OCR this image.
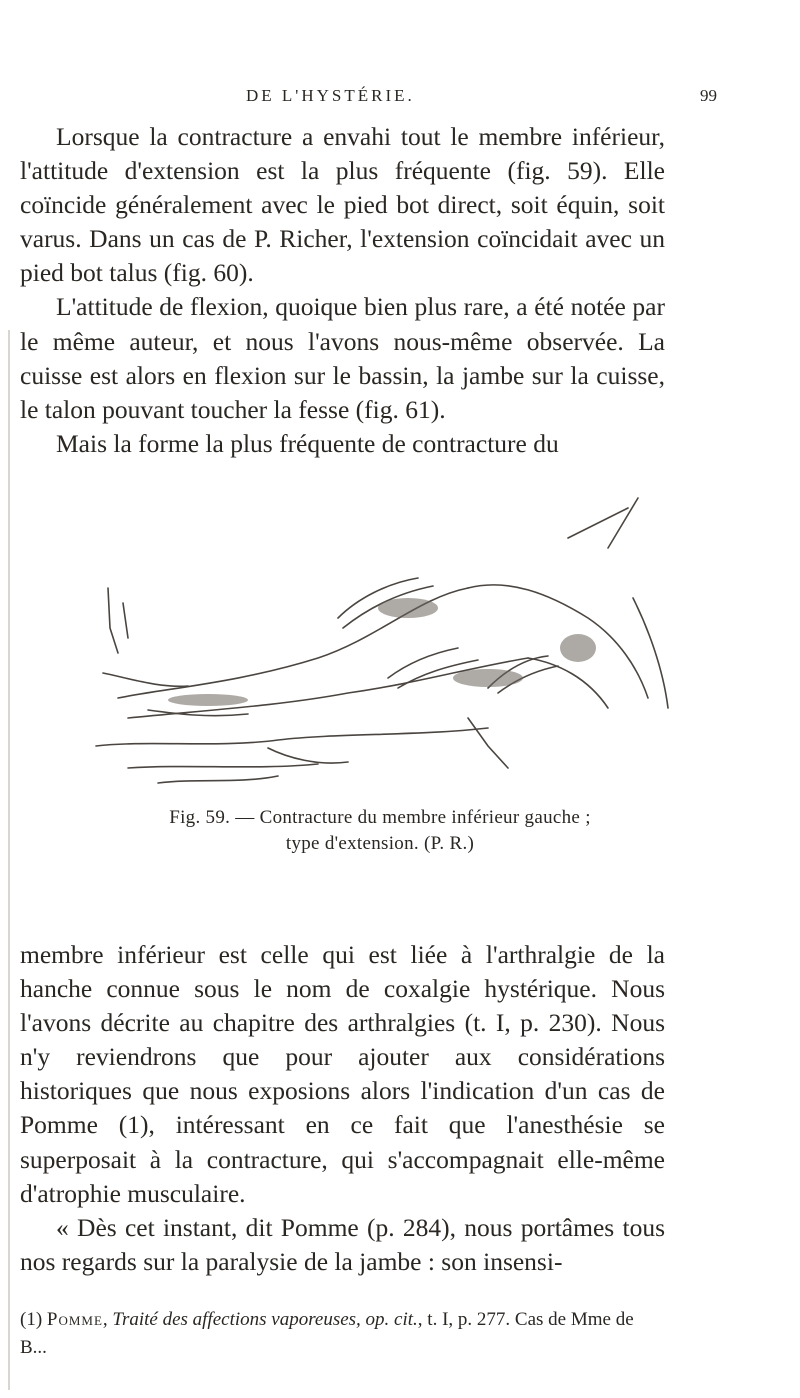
DE L'HYSTÉRIE.	99

Lorsque la contracture a envahi tout le membre inférieur, l'attitude d'extension est la plus fréquente (fig. 59). Elle coïncide généralement avec le pied bot direct, soit équin, soit varus. Dans un cas de P. Richer, l'extension coïncidait avec un pied bot talus (fig. 60).

L'attitude de flexion, quoique bien plus rare, a été notée par le même auteur, et nous l'avons nous-même observée. La cuisse est alors en flexion sur le bassin, la jambe sur la cuisse, le talon pouvant toucher la fesse (fig. 61).

Mais la forme la plus fréquente de contracture du

Fig. 59. — Contracture du membre inférieur gauche ;
type d'extension. (P. R.)

membre inférieur est celle qui est liée à l'arthralgie de la hanche connue sous le nom de coxalgie hystérique. Nous l'avons décrite au chapitre des arthralgies (t. I, p. 230). Nous n'y reviendrons que pour ajouter aux considérations historiques que nous exposions alors l'indication d'un cas de Pomme (1), intéressant en ce fait que l'anesthésie se superposait à la contracture, qui s'accompagnait elle-même d'atrophie musculaire.

« Dès cet instant, dit Pomme (p. 284), nous portâmes tous nos regards sur la paralysie de la jambe : son insensi-

(1) Pomme, Traité des affections vaporeuses, op. cit., t. I, p. 277. Cas de Mme de B...
